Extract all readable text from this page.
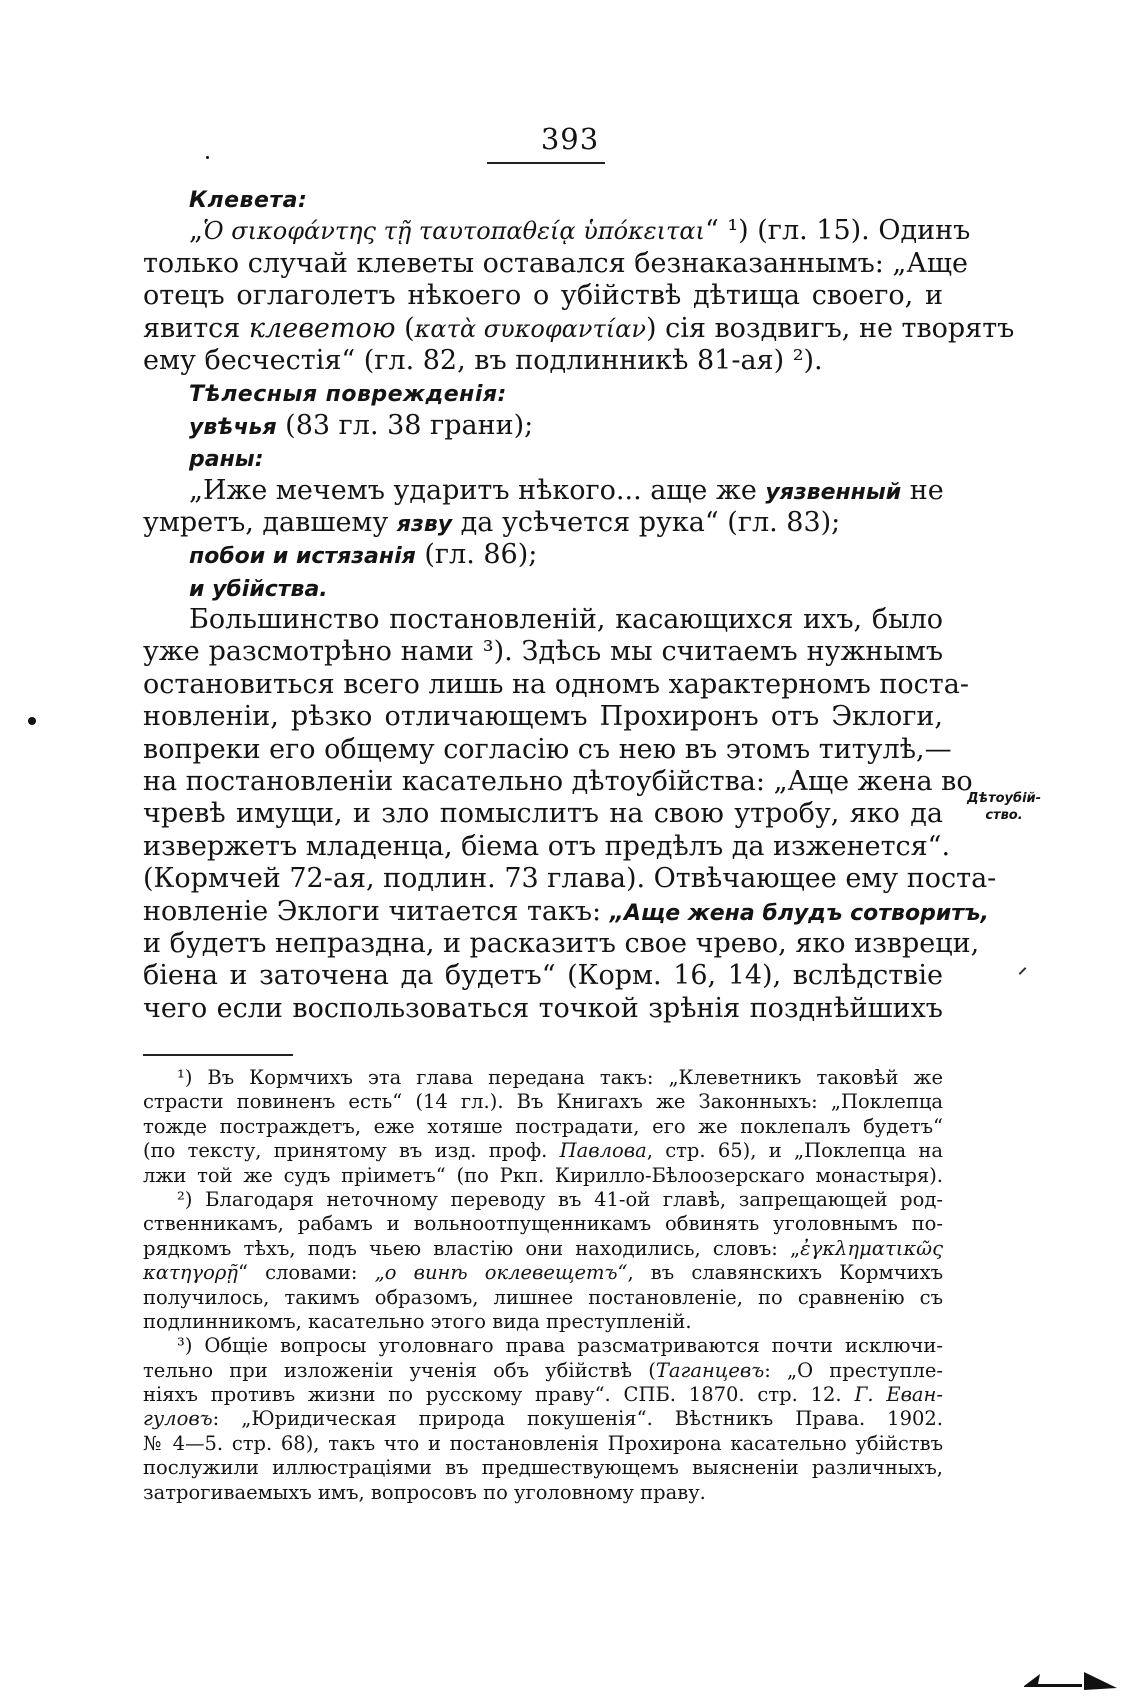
393
Клевета:
„Ὁ σικοφάντης τῇ ταυτοπαθείᾳ ὑπόκειται“ ¹) (гл. 15). Одинъ
только случай клеветы оставался безнаказаннымъ: „Аще
отецъ оглаголетъ нѣкоего о убійствѣ дѣтища своего, и
явится клеветою (κατὰ συκοφαντίαν) сія воздвигъ, не творятъ
ему бесчестія“ (гл. 82, въ подлинникѣ 81-ая) ²).
Тѣлесныя поврежденія:
увѣчья (83 гл. 38 грани);
раны:
„Иже мечемъ ударитъ нѣкого... аще же уязвенный не
умретъ, давшему язву да усѣчется рука“ (гл. 83);
побои и истязанія (гл. 86);
и убійства.
Большинство постановленій, касающихся ихъ, было
уже разсмотрѣно нами ³). Здѣсь мы считаемъ нужнымъ
остановиться всего лишь на одномъ характерномъ поста-
новленіи, рѣзко отличающемъ Прохиронъ отъ Эклоги,
вопреки его общему согласію съ нею въ этомъ титулѣ,—
на постановленіи касательно дѣтоубійства: „Аще жена во
чревѣ имущи, и зло помыслитъ на свою утробу, яко да
извержетъ младенца, біема отъ предѣлъ да изженется“.
(Кормчей 72-ая, подлин. 73 глава). Отвѣчающее ему поста-
новленіе Эклоги читается такъ: „Аще жена блудъ сотворитъ,
и будетъ непраздна, и расказитъ свое чрево, яко извреци,
біена и заточена да будетъ“ (Корм. 16, 14), вслѣдствіе
чего если воспользоваться точкой зрѣнія позднѣйшихъ
Дѣтоубій-
ство.
¹) Въ Кормчихъ эта глава передана такъ: „Клеветникъ таковѣй же
страсти повиненъ есть“ (14 гл.). Въ Книгахъ же Законныхъ: „Поклепца
тожде постраждетъ, еже хотяше пострадати, его же поклепалъ будетъ“
(по тексту, принятому въ изд. проф. Павлова, стр. 65), и „Поклепца на
лжи той же судъ пріиметъ“ (по Ркп. Кирилло-Бѣлоозерскаго монастыря).
²) Благодаря неточному переводу въ 41-ой главѣ, запрещающей род-
ственникамъ, рабамъ и вольноотпущенникамъ обвинять уголовнымъ по-
рядкомъ тѣхъ, подъ чьею властію они находились, словъ: „ἐγκληματικῶς
κατηγορῇ“ словами: „о винѣ оклевещетъ“, въ славянскихъ Кормчихъ
получилось, такимъ образомъ, лишнее постановленіе, по сравненію съ
подлинникомъ, касательно этого вида преступленій.
³) Общіе вопросы уголовнаго права разсматриваются почти исключи-
тельно при изложеніи ученія объ убійствѣ (Таганцевъ: „О преступле-
ніяхъ противъ жизни по русскому праву“. СПБ. 1870. стр. 12. Г. Еван-
гуловъ: „Юридическая природа покушенія“. Вѣстникъ Права. 1902.
№ 4—5. стр. 68), такъ что и постановленія Прохирона касательно убійствъ
послужили иллюстраціями въ предшествующемъ выясненіи различныхъ,
затрогиваемыхъ имъ, вопросовъ по уголовному праву.
